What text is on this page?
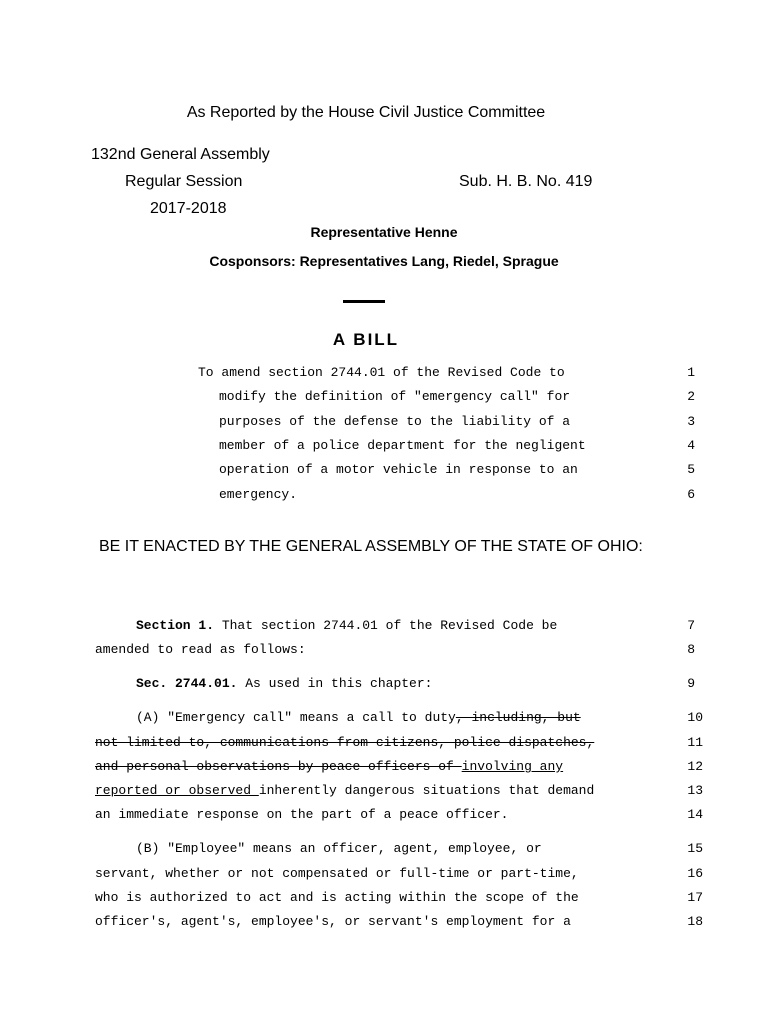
As Reported by the House Civil Justice Committee
132nd General Assembly
Regular Session	Sub. H. B. No. 419
2017-2018
Representative Henne
Cosponsors: Representatives Lang, Riedel, Sprague
A BILL
To amend section 2744.01 of the Revised Code to	1
modify the definition of "emergency call" for	2
purposes of the defense to the liability of a	3
member of a police department for the negligent	4
operation of a motor vehicle in response to an	5
emergency.	6
BE IT ENACTED BY THE GENERAL ASSEMBLY OF THE STATE OF OHIO:
Section 1. That section 2744.01 of the Revised Code be	7
amended to read as follows:	8
Sec. 2744.01. As used in this chapter:	9
(A) "Emergency call" means a call to duty, including, but	10
not limited to, communications from citizens, police dispatches,	11
and personal observations by peace officers of involving any	12
reported or observed inherently dangerous situations that demand	13
an immediate response on the part of a peace officer.	14
(B) "Employee" means an officer, agent, employee, or	15
servant, whether or not compensated or full-time or part-time,	16
who is authorized to act and is acting within the scope of the	17
officer's, agent's, employee's, or servant's employment for a	18
